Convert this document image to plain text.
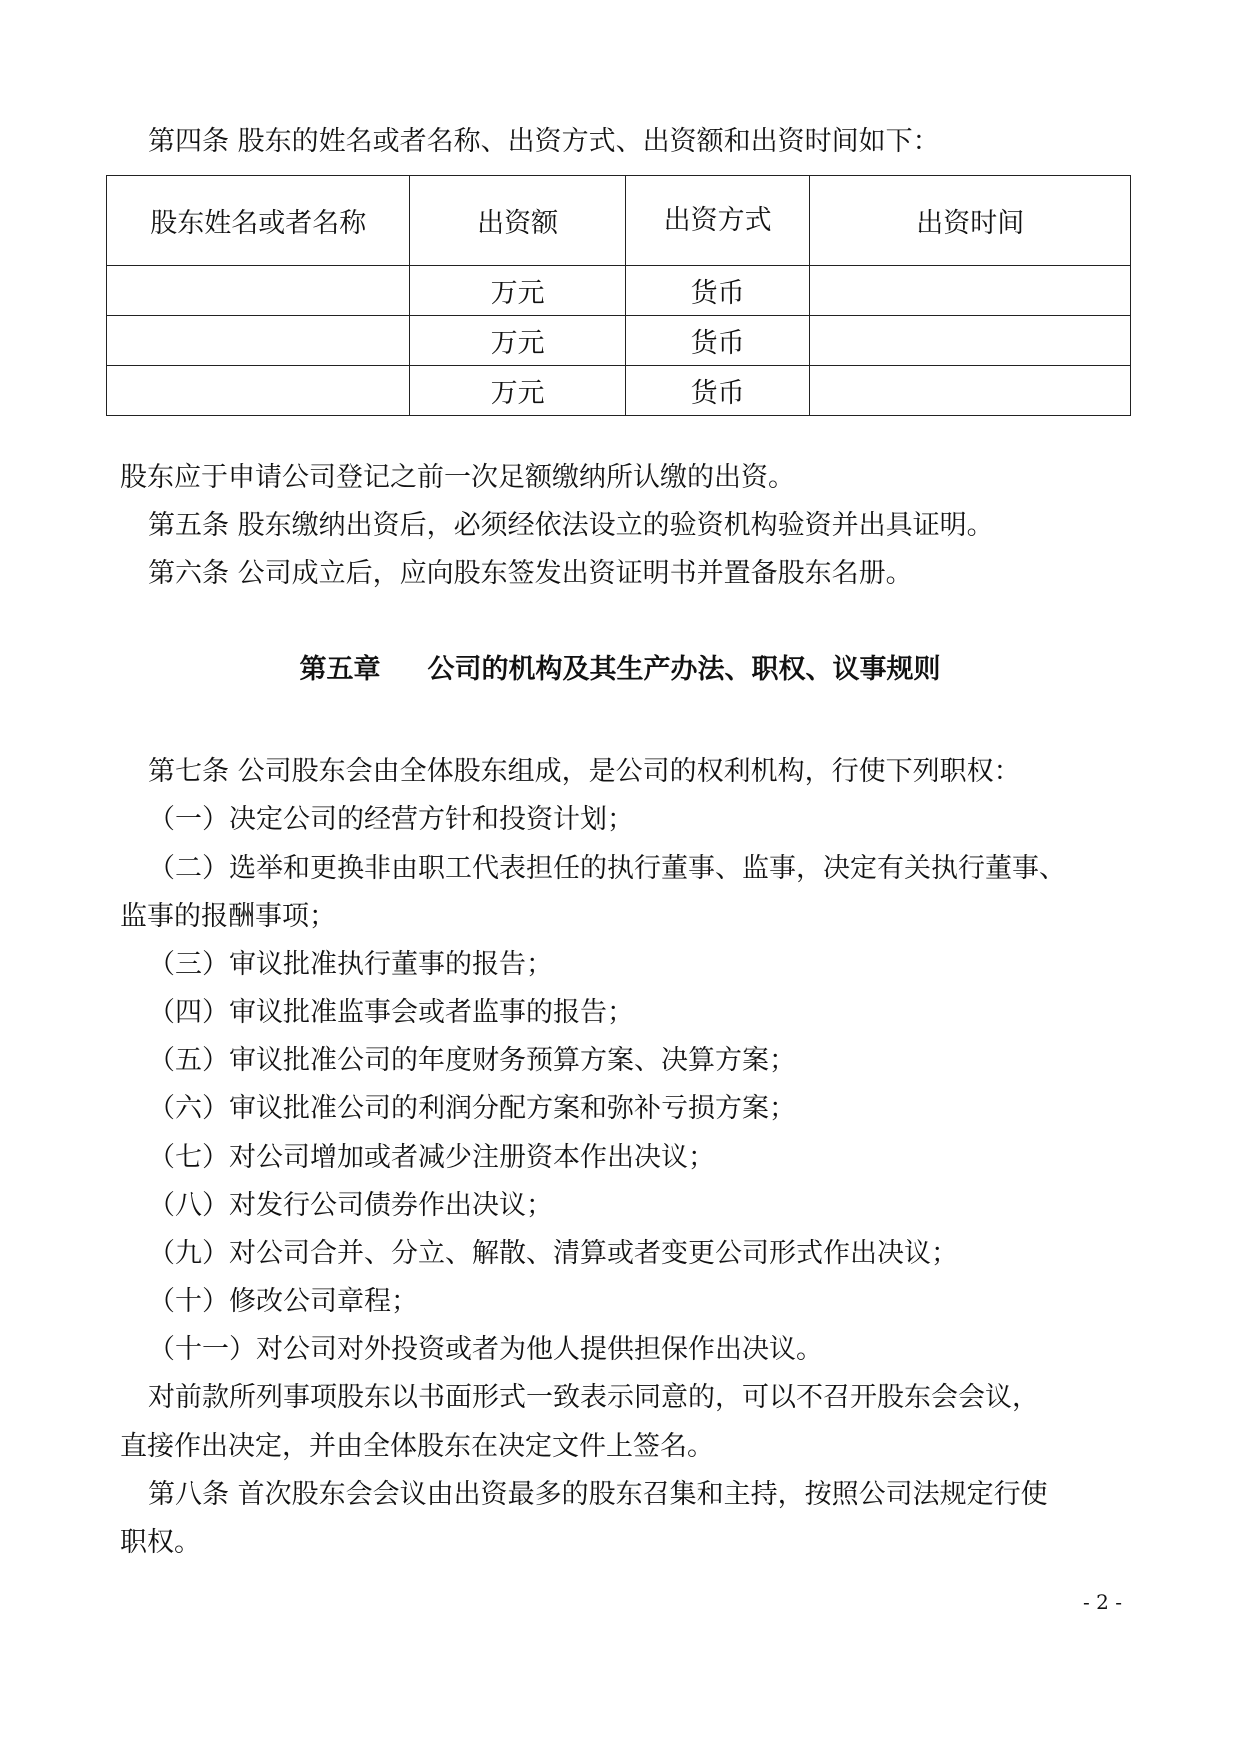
第四条 股东的姓名或者名称、出资方式、出资额和出资时间如下：
股东姓名或者名称	出资额	出资方式	出资时间
	万元	货币	
	万元	货币	
	万元	货币	
股东应于申请公司登记之前一次足额缴纳所认缴的出资。
第五条 股东缴纳出资后，必须经依法设立的验资机构验资并出具证明。
第六条 公司成立后，应向股东签发出资证明书并置备股东名册。
第五章     公司的机构及其生产办法、职权、议事规则
第七条 公司股东会由全体股东组成，是公司的权利机构，行使下列职权：
（一）决定公司的经营方针和投资计划；
（二）选举和更换非由职工代表担任的执行董事、监事，决定有关执行董事、
监事的报酬事项；
（三）审议批准执行董事的报告；
（四）审议批准监事会或者监事的报告；
（五）审议批准公司的年度财务预算方案、决算方案；
（六）审议批准公司的利润分配方案和弥补亏损方案；
（七）对公司增加或者减少注册资本作出决议；
（八）对发行公司债券作出决议；
（九）对公司合并、分立、解散、清算或者变更公司形式作出决议；
（十）修改公司章程；
（十一）对公司对外投资或者为他人提供担保作出决议。
对前款所列事项股东以书面形式一致表示同意的，可以不召开股东会会议，
直接作出决定，并由全体股东在决定文件上签名。
第八条 首次股东会会议由出资最多的股东召集和主持，按照公司法规定行使
职权。
- 2 -
